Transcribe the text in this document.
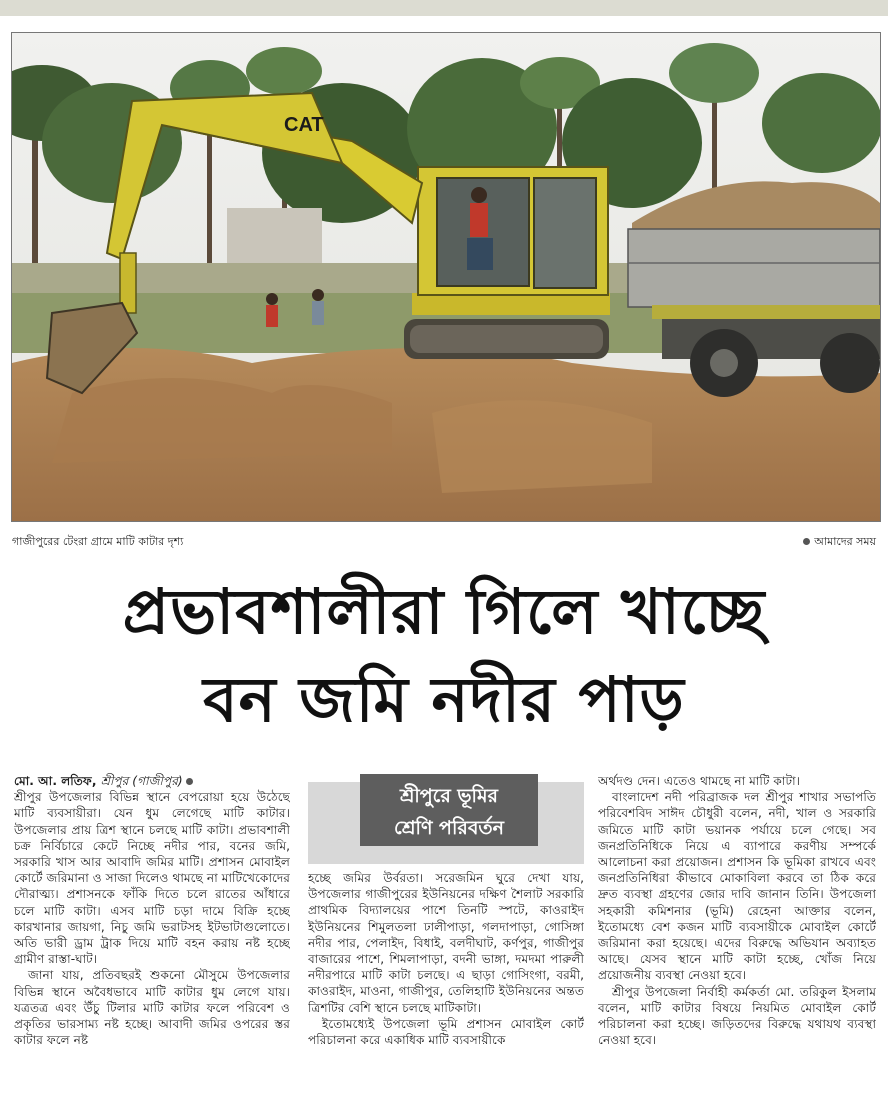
CAT
গাজীপুরের টেংরা গ্রামে মাটি কাটার দৃশ্য	আমাদের সময়
প্রভাবশালীরা গিলে খাচ্ছে
বন জমি নদীর পাড়
শ্রীপুরে ভূমির
শ্রেণি পরিবর্তন

মো. আ. লতিফ, শ্রীপুর (গাজীপুর)

শ্রীপুর উপজেলার বিভিন্ন স্থানে বেপরোয়া হয়ে উঠেছে মাটি ব্যবসায়ীরা। যেন ধুম লেগেছে মাটি কাটার। উপজেলার প্রায় ত্রিশ স্থানে চলছে মাটি কাটা। প্রভাবশালী চক্র নির্বিচারে কেটে নিচ্ছে নদীর পার, বনের জমি, সরকারি খাস আর আবাদি জমির মাটি। প্রশাসন মোবাইল কোর্টে জরিমানা ও সাজা দিলেও থামছে না মাটিখেকোদের দৌরাত্ম্য। প্রশাসনকে ফাঁকি দিতে চলে রাতের আঁধারে চলে মাটি কাটা। এসব মাটি চড়া দামে বিক্রি হচ্ছে কারখানার জায়গা, নিচু জমি ভরাটসহ ইটভাটাগুলোতে। অতি ভারী ড্রাম ট্রাক দিয়ে মাটি বহন করায় নষ্ট হচ্ছে গ্রামীণ রাস্তা-ঘাট।

জানা যায়, প্রতিবছরই শুকনো মৌসুমে উপজেলার বিভিন্ন স্থানে অবৈধভাবে মাটি কাটার ধুম লেগে যায়। যত্রতত্র এবং উঁচু টিলার মাটি কাটার ফলে পরিবেশ ও প্রকৃতির ভারসাম্য নষ্ট হচ্ছে। আবাদী জমির ওপরের স্তর কাটার ফলে নষ্ট

হচ্ছে জমির উর্বরতা। সরেজমিন ঘুরে দেখা যায়, উপজেলার গাজীপুরের ইউনিয়নের দক্ষিণ শৈলাট সরকারি প্রাথমিক বিদ্যালয়ের পাশে তিনটি স্পটে, কাওরাইদ ইউনিয়নের শিমুলতলা ঢালীপাড়া, গলদাপাড়া, গোসিঙ্গা নদীর পার, পেলাইদ, বিধাই, বলদীঘাট, কর্ণপুর, গাজীপুর বাজারের পাশে, শিমলাপাড়া, বদনী ভাঙ্গা, দমদমা পারুলী নদীরপারে মাটি কাটা চলছে। এ ছাড়া গোসিংগা, বরমী, কাওরাইদ, মাওনা, গাজীপুর, তেলিহাটি ইউনিয়নের অন্তত ত্রিশটির বেশি স্থানে চলছে মাটিকাটা।

ইতোমধ্যেই উপজেলা ভূমি প্রশাসন মোবাইল কোর্ট পরিচালনা করে একাধিক মাটি ব্যবসায়ীকে

অর্থদণ্ড দেন। এতেও থামছে না মাটি কাটা।

বাংলাদেশ নদী পরিব্রাজক দল শ্রীপুর শাখার সভাপতি পরিবেশবিদ সাঈদ চৌধুরী বলেন, নদী, খাল ও সরকারি জমিতে মাটি কাটা ভয়ানক পর্যায়ে চলে গেছে। সব জনপ্রতিনিধিকে নিয়ে এ ব্যাপারে করণীয় সম্পর্কে আলোচনা করা প্রয়োজন। প্রশাসন কি ভূমিকা রাখবে এবং জনপ্রতিনিধিরা কীভাবে মোকাবিলা করবে তা ঠিক করে দ্রুত ব্যবস্থা গ্রহণের জোর দাবি জানান তিনি। উপজেলা সহকারী কমিশনার (ভূমি) রেহেনা আক্তার বলেন, ইতোমধ্যে বেশ কজন মাটি ব্যবসায়ীকে মোবাইল কোর্টে জরিমানা করা হয়েছে। এদের বিরুদ্ধে অভিযান অব্যাহত আছে। যেসব স্থানে মাটি কাটা হচ্ছে, খোঁজ নিয়ে প্রয়োজনীয় ব্যবস্থা নেওয়া হবে।

শ্রীপুর উপজেলা নির্বাহী কর্মকর্তা মো. তরিকুল ইসলাম বলেন, মাটি কাটার বিষয়ে নিয়মিত মোবাইল কোর্ট পরিচালনা করা হচ্ছে। জড়িতদের বিরুদ্ধে যথাযথ ব্যবস্থা নেওয়া হবে।
